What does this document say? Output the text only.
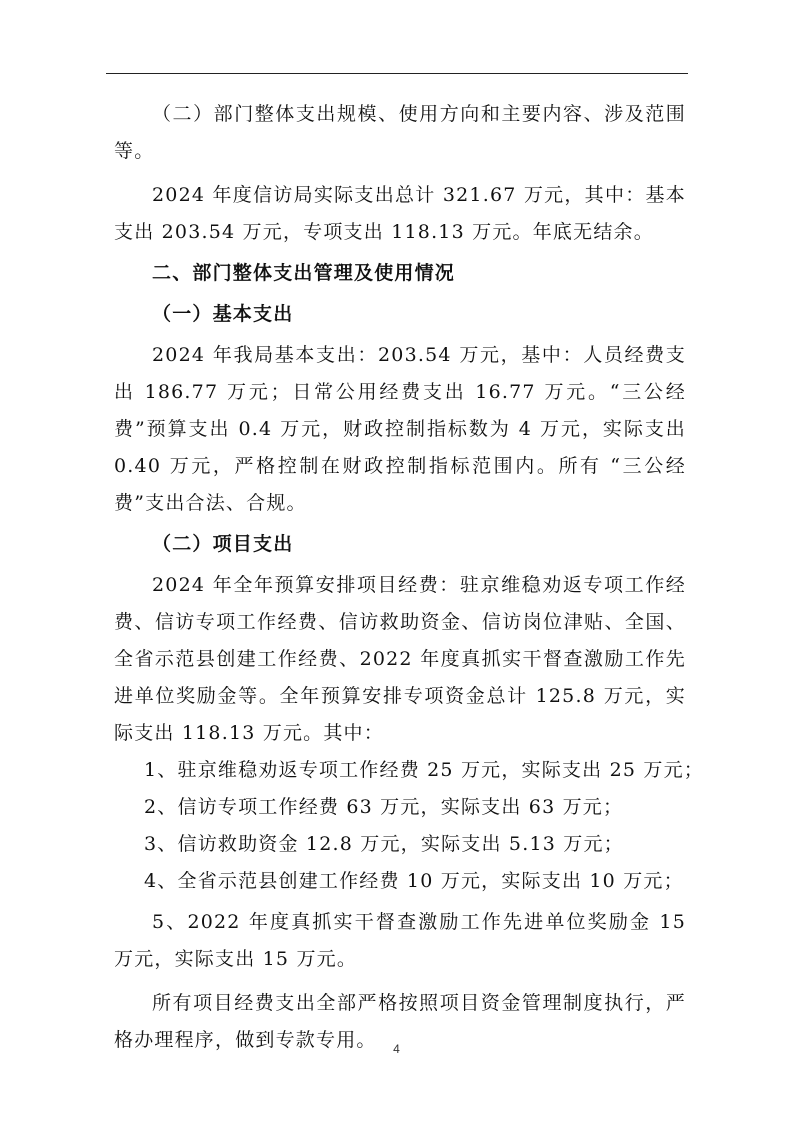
（二）部门整体支出规模、使用方向和主要内容、涉及范围等。

2024 年度信访局实际支出总计 321.67 万元，其中：基本支出 203.54 万元，专项支出 118.13 万元。年底无结余。

二、部门整体支出管理及使用情况

（一）基本支出

2024 年我局基本支出：203.54 万元，基中：人员经费支出 186.77 万元；日常公用经费支出 16.77 万元。“三公经费”预算支出 0.4 万元，财政控制指标数为 4 万元，实际支出 0.40 万元，严格控制在财政控制指标范围内。所有 “三公经费”支出合法、合规。

（二）项目支出

2024 年全年预算安排项目经费：驻京维稳劝返专项工作经费、信访专项工作经费、信访救助资金、信访岗位津贴、全国、全省示范县创建工作经费、2022 年度真抓实干督查激励工作先进单位奖励金等。全年预算安排专项资金总计 125.8 万元，实际支出 118.13 万元。其中：

1、驻京维稳劝返专项工作经费 25 万元，实际支出 25 万元；

2、信访专项工作经费 63 万元，实际支出 63 万元；

3、信访救助资金 12.8 万元，实际支出 5.13 万元；

4、全省示范县创建工作经费 10 万元，实际支出 10 万元；

5、2022 年度真抓实干督查激励工作先进单位奖励金 15 万元，实际支出 15 万元。

所有项目经费支出全部严格按照项目资金管理制度执行，严格办理程序，做到专款专用。	4
